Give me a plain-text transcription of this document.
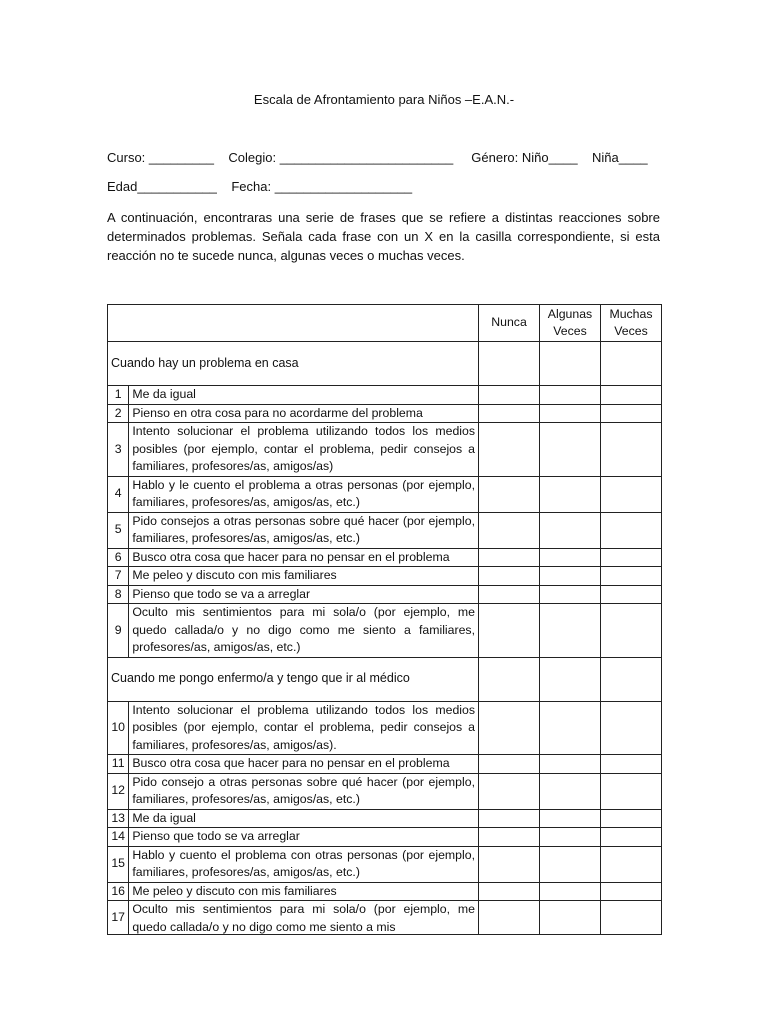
Escala de Afrontamiento para Niños –E.A.N.-
Curso: _________    Colegio: ________________________     Género: Niño____    Niña____
Edad___________    Fecha: ___________________
A continuación, encontraras una serie de frases que se refiere a distintas reacciones sobre determinados problemas. Señala cada frase con un X en la casilla correspondiente, si esta reacción no te sucede nunca, algunas veces o muchas veces.
		Nunca	Algunas Veces	Muchas Veces
Cuando hay un problema en casa				
1	Me da igual			
2	Pienso en otra cosa para no acordarme del problema			
3	Intento solucionar el problema utilizando todos los medios posibles (por ejemplo, contar el problema, pedir consejos a familiares, profesores/as, amigos/as)			
4	Hablo y le cuento el problema a otras personas (por ejemplo, familiares, profesores/as, amigos/as, etc.)			
5	Pido consejos a otras personas sobre qué hacer (por ejemplo, familiares, profesores/as, amigos/as, etc.)			
6	Busco otra cosa que hacer para no pensar en el problema			
7	Me peleo y discuto con mis familiares			
8	Pienso que todo se va a arreglar			
9	Oculto mis sentimientos para mi sola/o (por ejemplo, me quedo callada/o y no digo como me siento a familiares, profesores/as, amigos/as, etc.)			
Cuando me pongo enfermo/a y tengo que ir al médico				
10	Intento solucionar el problema utilizando todos los medios posibles (por ejemplo, contar el problema, pedir consejos a familiares, profesores/as, amigos/as).			
11	Busco otra cosa que hacer para no pensar en el problema			
12	Pido consejo a otras personas sobre qué hacer (por ejemplo, familiares, profesores/as, amigos/as, etc.)			
13	Me da igual			
14	Pienso que todo se va arreglar			
15	Hablo y cuento el problema con otras personas (por ejemplo, familiares, profesores/as, amigos/as, etc.)			
16	Me peleo y discuto con mis familiares			
17	Oculto mis sentimientos para mi sola/o (por ejemplo, me quedo callada/o y no digo como me siento a mis			
